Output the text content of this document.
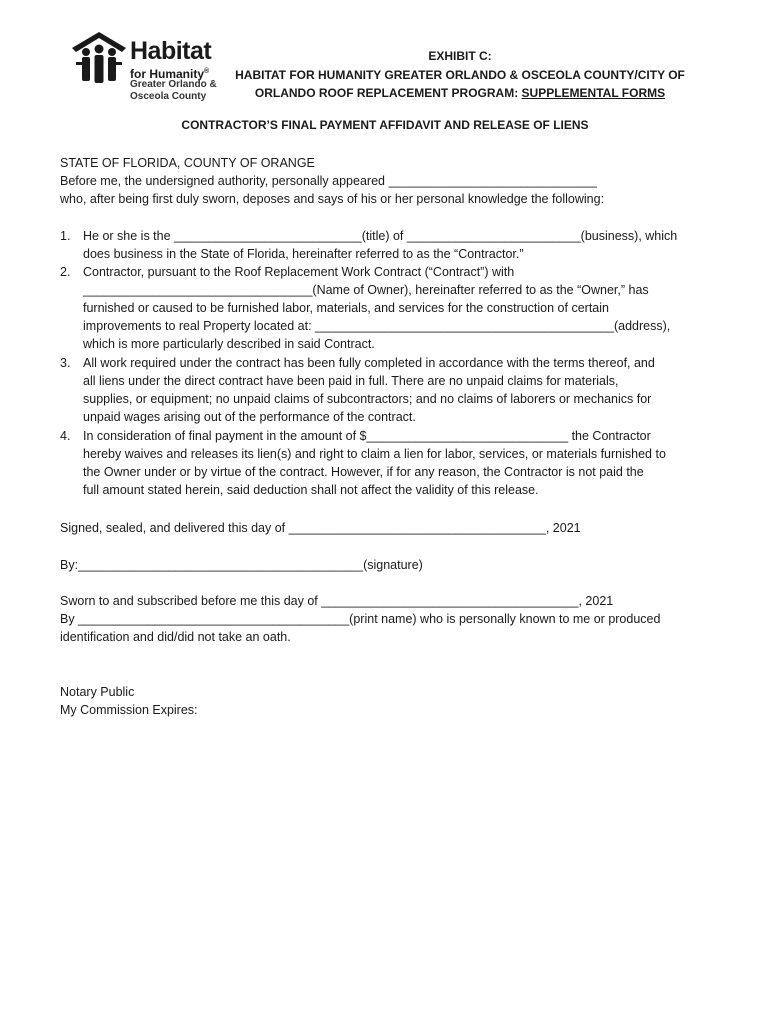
Habitat
for Humanity®
Greater Orlando &
Osceola County
EXHIBIT C:
HABITAT FOR HUMANITY GREATER ORLANDO & OSCEOLA COUNTY/CITY OF
ORLANDO ROOF REPLACEMENT PROGRAM: SUPPLEMENTAL FORMS
CONTRACTOR’S FINAL PAYMENT AFFIDAVIT AND RELEASE OF LIENS
STATE OF FLORIDA, COUNTY OF ORANGE
Before me, the undersigned authority, personally appeared ______________________________
who, after being first duly sworn, deposes and says of his or her personal knowledge the following:
1. He or she is the ___________________________(title) of _________________________(business), which
does business in the State of Florida, hereinafter referred to as the “Contractor.”
2. Contractor, pursuant to the Roof Replacement Work Contract (“Contract”) with
_________________________________(Name of Owner), hereinafter referred to as the “Owner,” has
furnished or caused to be furnished labor, materials, and services for the construction of certain
improvements to real Property located at: ___________________________________________(address),
which is more particularly described in said Contract.
3. All work required under the contract has been fully completed in accordance with the terms thereof, and
all liens under the direct contract have been paid in full. There are no unpaid claims for materials,
supplies, or equipment; no unpaid claims of subcontractors; and no claims of laborers or mechanics for
unpaid wages arising out of the performance of the contract.
4. In consideration of final payment in the amount of $_____________________________ the Contractor
hereby waives and releases its lien(s) and right to claim a lien for labor, services, or materials furnished to
the Owner under or by virtue of the contract. However, if for any reason, the Contractor is not paid the
full amount stated herein, said deduction shall not affect the validity of this release.
Signed, sealed, and delivered this day of _____________________________________, 2021
By:_________________________________________(signature)
Sworn to and subscribed before me this day of _____________________________________, 2021
By _______________________________________(print name) who is personally known to me or produced
identification and did/did not take an oath.
Notary Public
My Commission Expires:
